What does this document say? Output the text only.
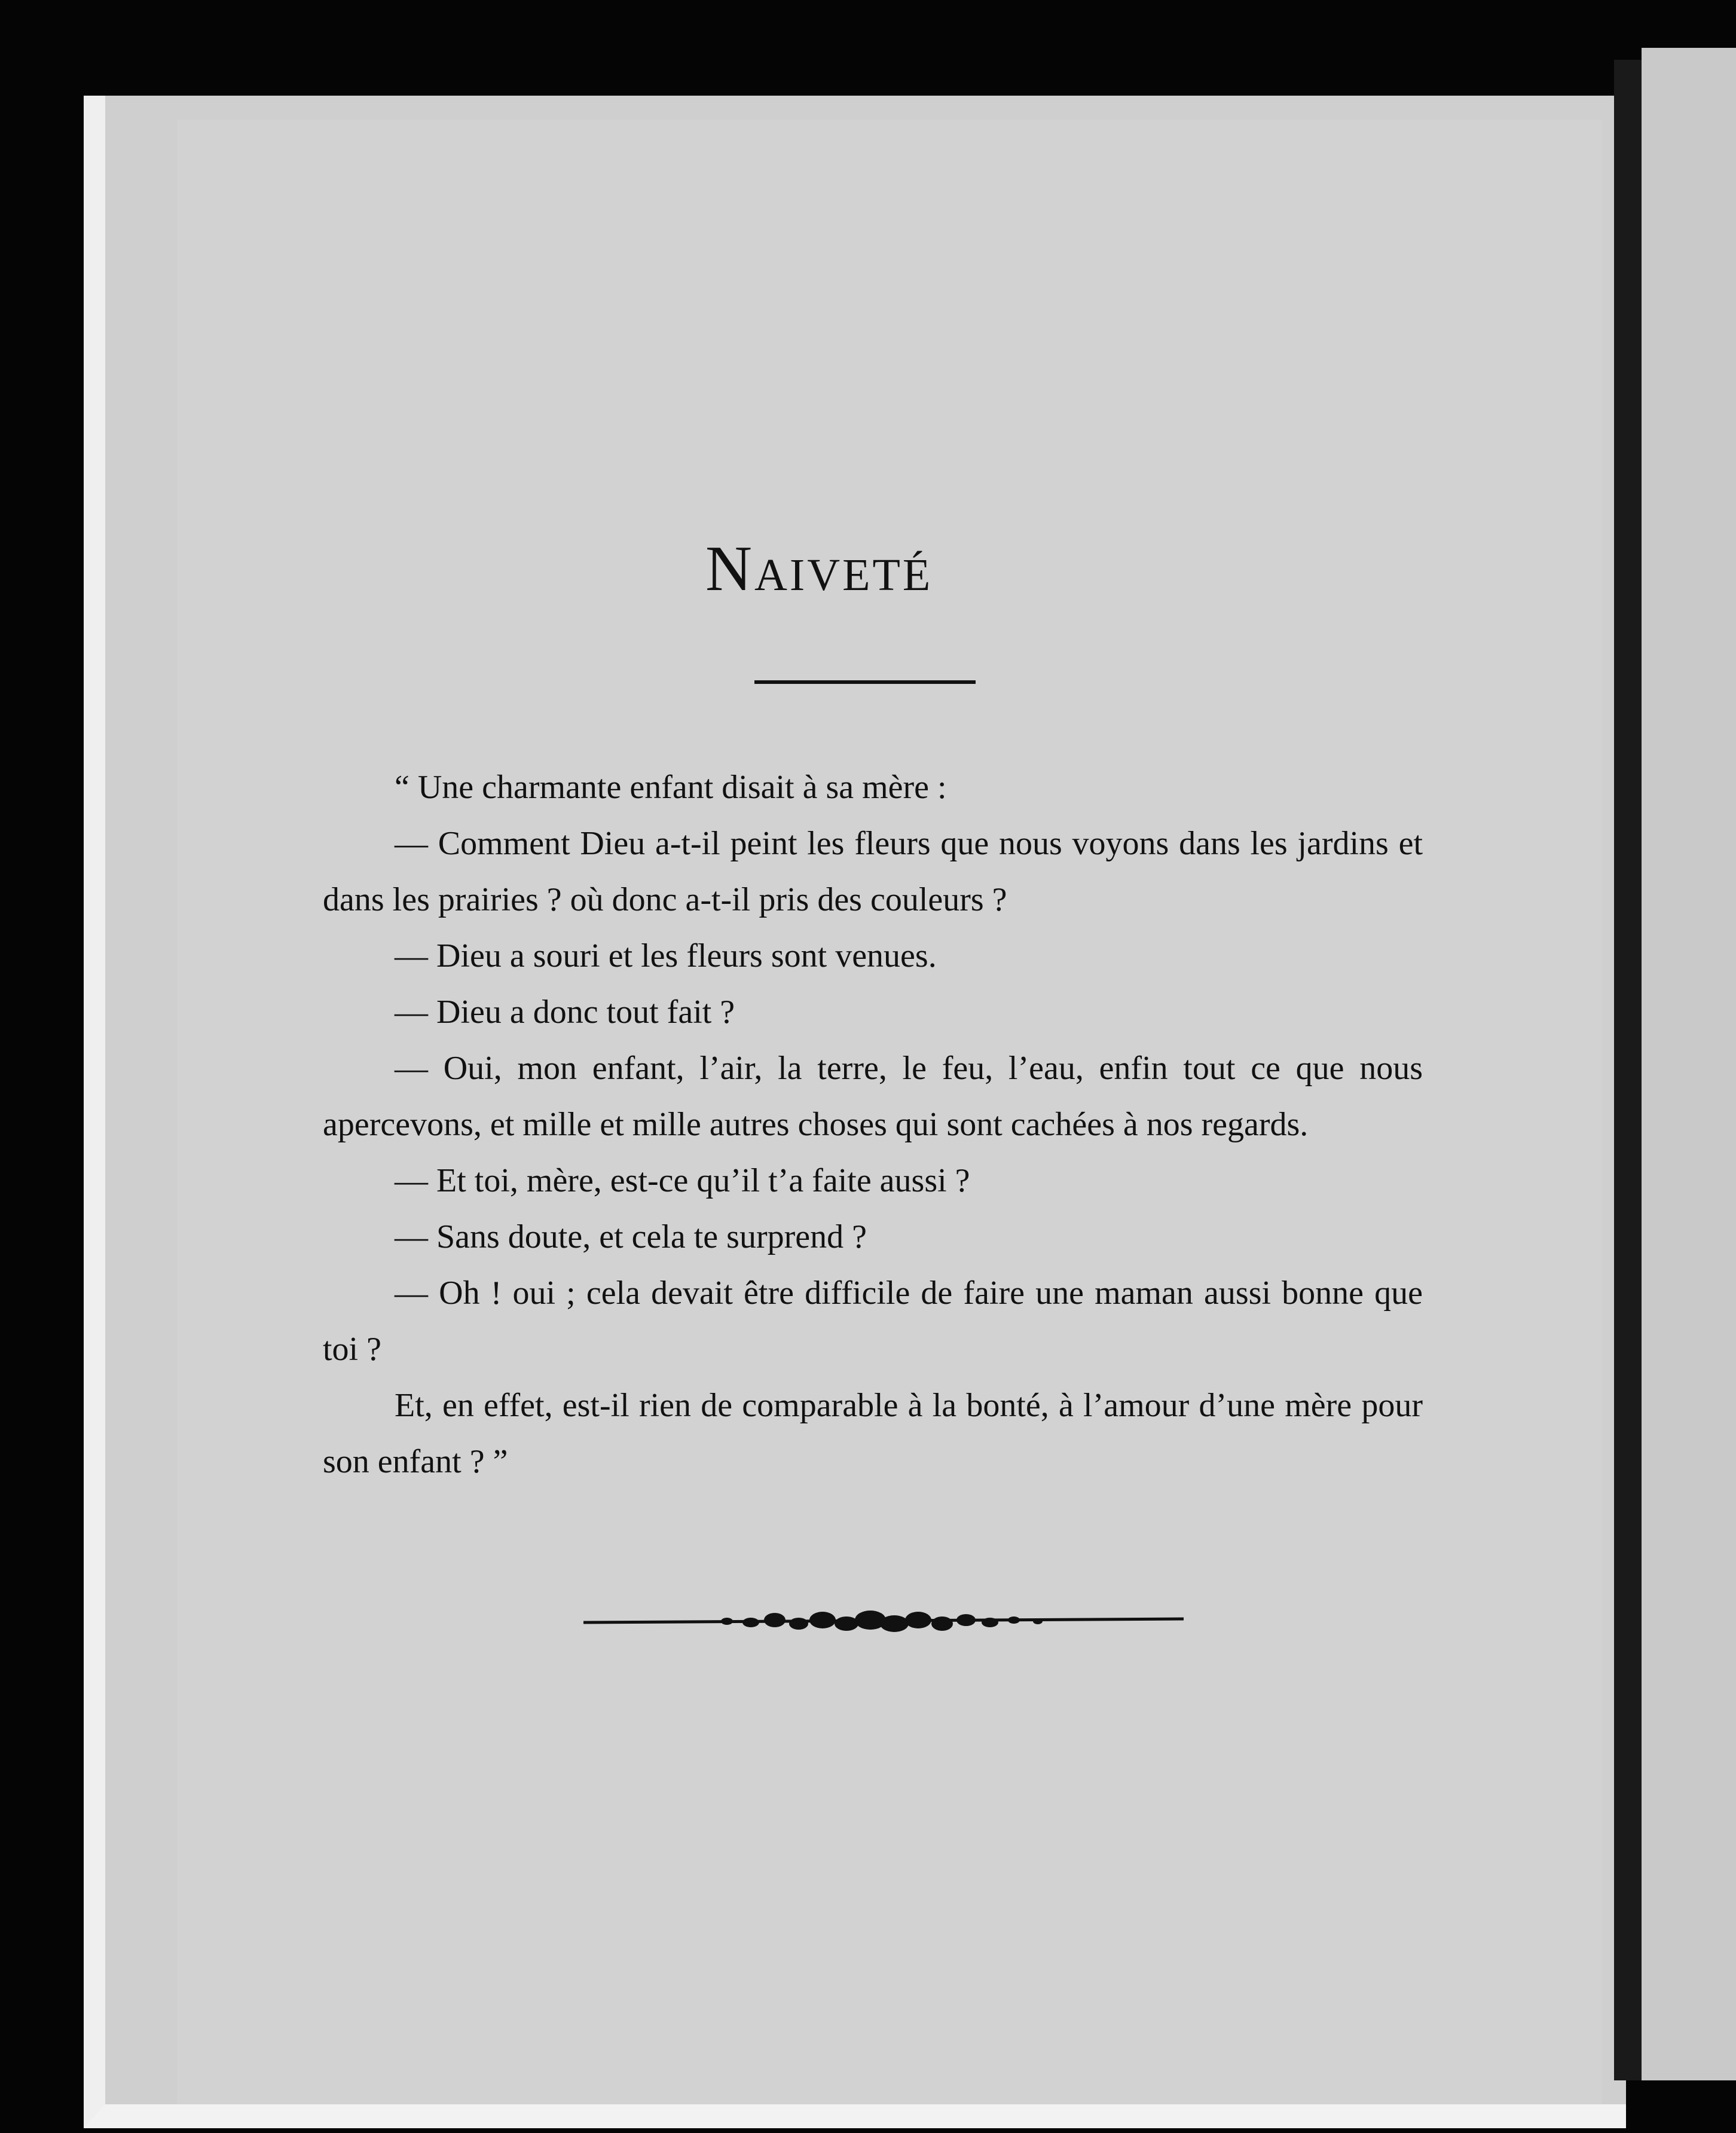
Naiveté

“ Une charmante enfant disait à sa mère :

— Comment Dieu a-t-il peint les fleurs que nous voyons dans les jardins et dans les prairies ? où donc a-t-il pris des couleurs ?

— Dieu a souri et les fleurs sont venues.

— Dieu a donc tout fait ?

— Oui, mon enfant, l’air, la terre, le feu, l’eau, enfin tout ce que nous apercevons, et mille et mille autres choses qui sont cachées à nos regards.

— Et toi, mère, est-ce qu’il t’a faite aussi ?

— Sans doute, et cela te surprend ?

— Oh ! oui ; cela devait être difficile de faire une maman aussi bonne que toi ?

Et, en effet, est-il rien de comparable à la bonté, à l’amour d’une mère pour son enfant ? ”
